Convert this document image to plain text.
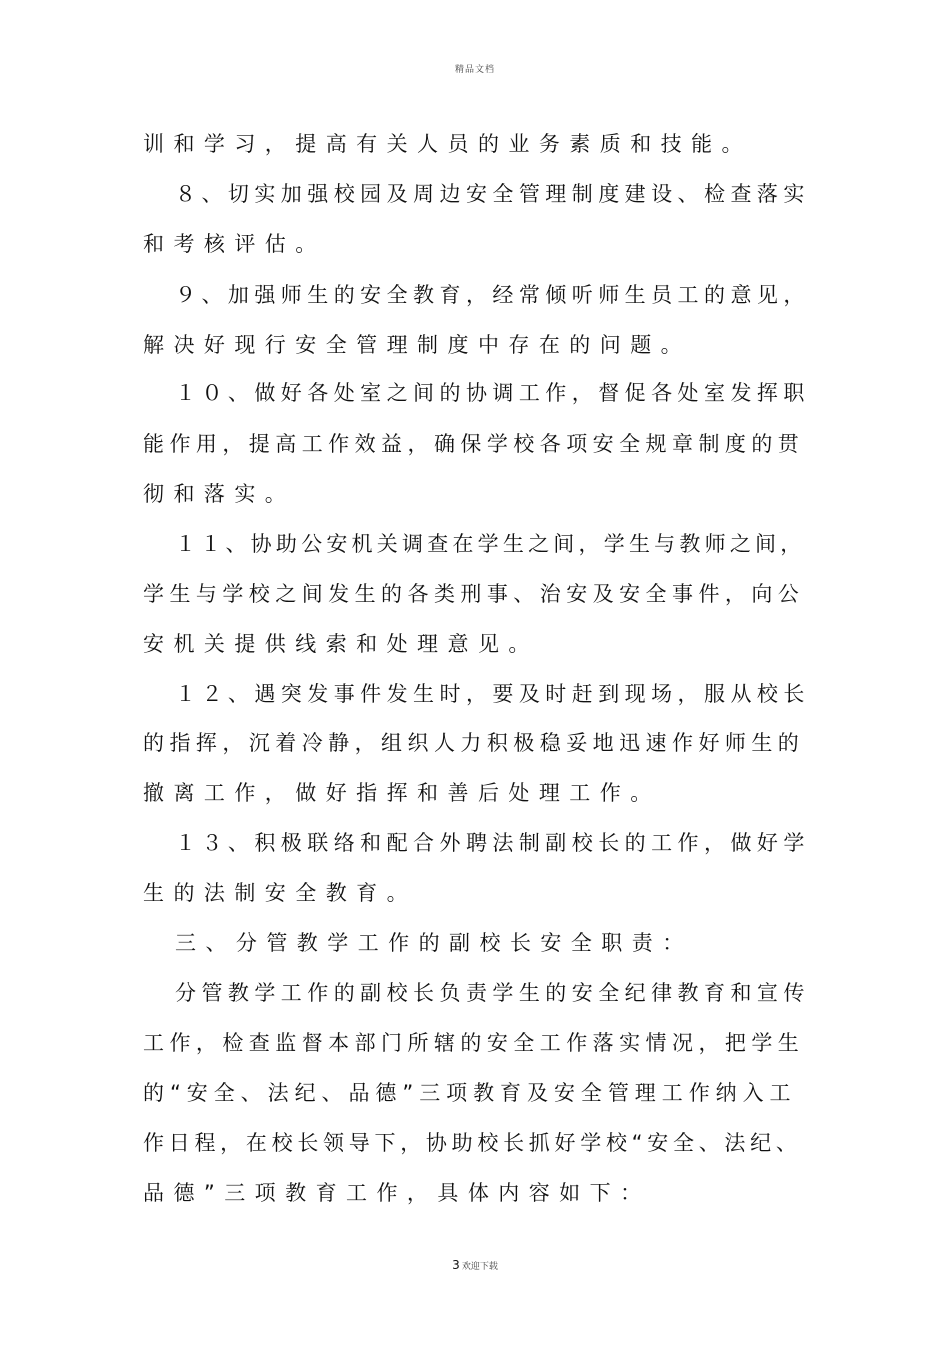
精品文档
训和学习，提高有关人员的业务素质和技能。
８、切实加强校园及周边安全管理制度建设、检查落实
和考核评估。
９、加强师生的安全教育，经常倾听师生员工的意见，
解决好现行安全管理制度中存在的问题。
１０、做好各处室之间的协调工作，督促各处室发挥职
能作用，提高工作效益，确保学校各项安全规章制度的贯
彻和落实。
１１、协助公安机关调查在学生之间，学生与教师之间，
学生与学校之间发生的各类刑事、治安及安全事件，向公
安机关提供线索和处理意见。
１２、遇突发事件发生时，要及时赶到现场，服从校长
的指挥，沉着冷静，组织人力积极稳妥地迅速作好师生的
撤离工作，做好指挥和善后处理工作。
１３、积极联络和配合外聘法制副校长的工作，做好学
生的法制安全教育。
三、分管教学工作的副校长安全职责：
分管教学工作的副校长负责学生的安全纪律教育和宣传
工作，检查监督本部门所辖的安全工作落实情况，把学生
的“安全、法纪、品德”三项教育及安全管理工作纳入工
作日程，在校长领导下，协助校长抓好学校“安全、法纪、
品德”三项教育工作，具体内容如下：
3 欢迎下载
